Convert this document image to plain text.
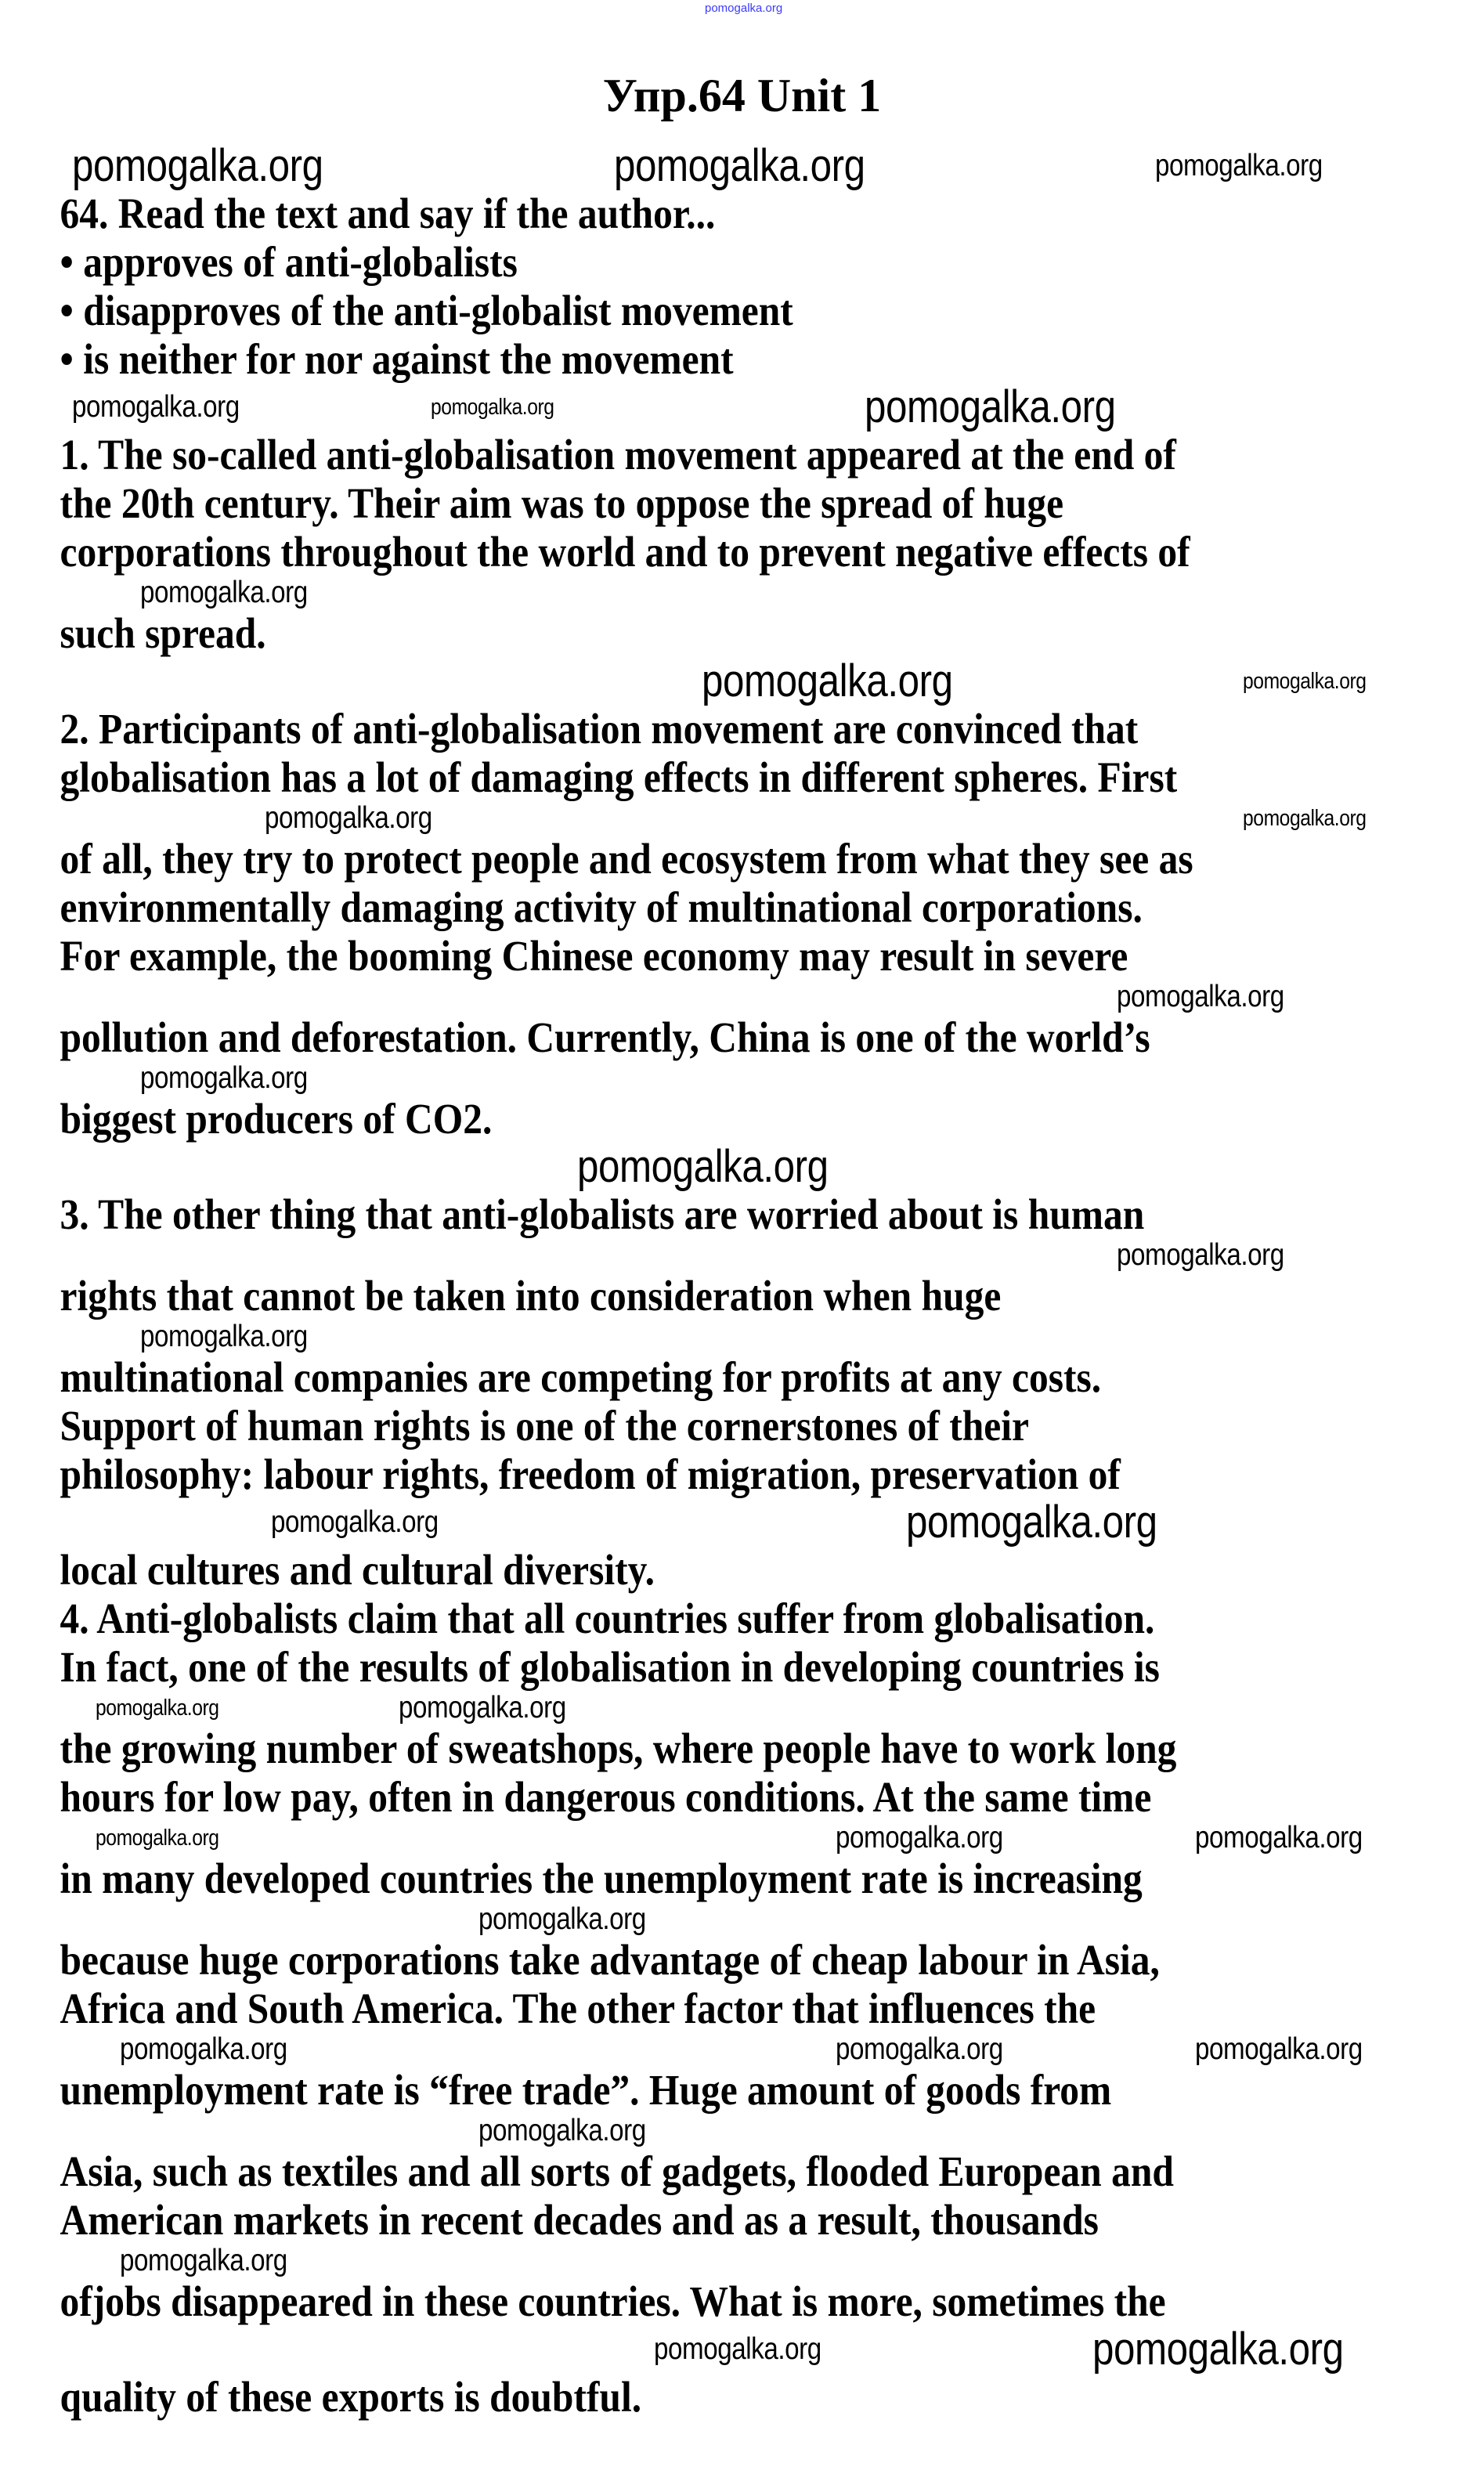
pomogalka.org
Упр.64 Unit 1
pomogalka.org	pomogalka.org	pomogalka.org
64. Read the text and say if the author...
• approves of anti-globalists
• disapproves of the anti-globalist movement
• is neither for nor against the movement
pomogalka.org	pomogalka.org	pomogalka.org
1. The so-called anti-globalisation movement appeared at the end of
the 20th century. Their aim was to oppose the spread of huge
corporations throughout the world and to prevent negative effects of
pomogalka.org
such spread.
pomogalka.org	pomogalka.org
2. Participants of anti-globalisation movement are convinced that
globalisation has a lot of damaging effects in different spheres. First
pomogalka.org	pomogalka.org
of all, they try to protect people and ecosystem from what they see as
environmentally damaging activity of multinational corporations.
For example, the booming Chinese economy may result in severe
pomogalka.org
pollution and deforestation. Currently, China is one of the world’s
pomogalka.org
biggest producers of CO2.
pomogalka.org
3. The other thing that anti-globalists are worried about is human
pomogalka.org
rights that cannot be taken into consideration when huge
pomogalka.org
multinational companies are competing for profits at any costs.
Support of human rights is one of the cornerstones of their
philosophy: labour rights, freedom of migration, preservation of
pomogalka.org	pomogalka.org
local cultures and cultural diversity.
4. Anti-globalists claim that all countries suffer from globalisation.
In fact, one of the results of globalisation in developing countries is
pomogalka.org	pomogalka.org
the growing number of sweatshops, where people have to work long
hours for low pay, often in dangerous conditions. At the same time
pomogalka.org	pomogalka.org	pomogalka.org
in many developed countries the unemployment rate is increasing
pomogalka.org
because huge corporations take advantage of cheap labour in Asia,
Africa and South America. The other factor that influences the
pomogalka.org	pomogalka.org	pomogalka.org
unemployment rate is “free trade”. Huge amount of goods from
pomogalka.org
Asia, such as textiles and all sorts of gadgets, flooded European and
American markets in recent decades and as a result, thousands
pomogalka.org
ofjobs disappeared in these countries. What is more, sometimes the
pomogalka.org	pomogalka.org
quality of these exports is doubtful.
